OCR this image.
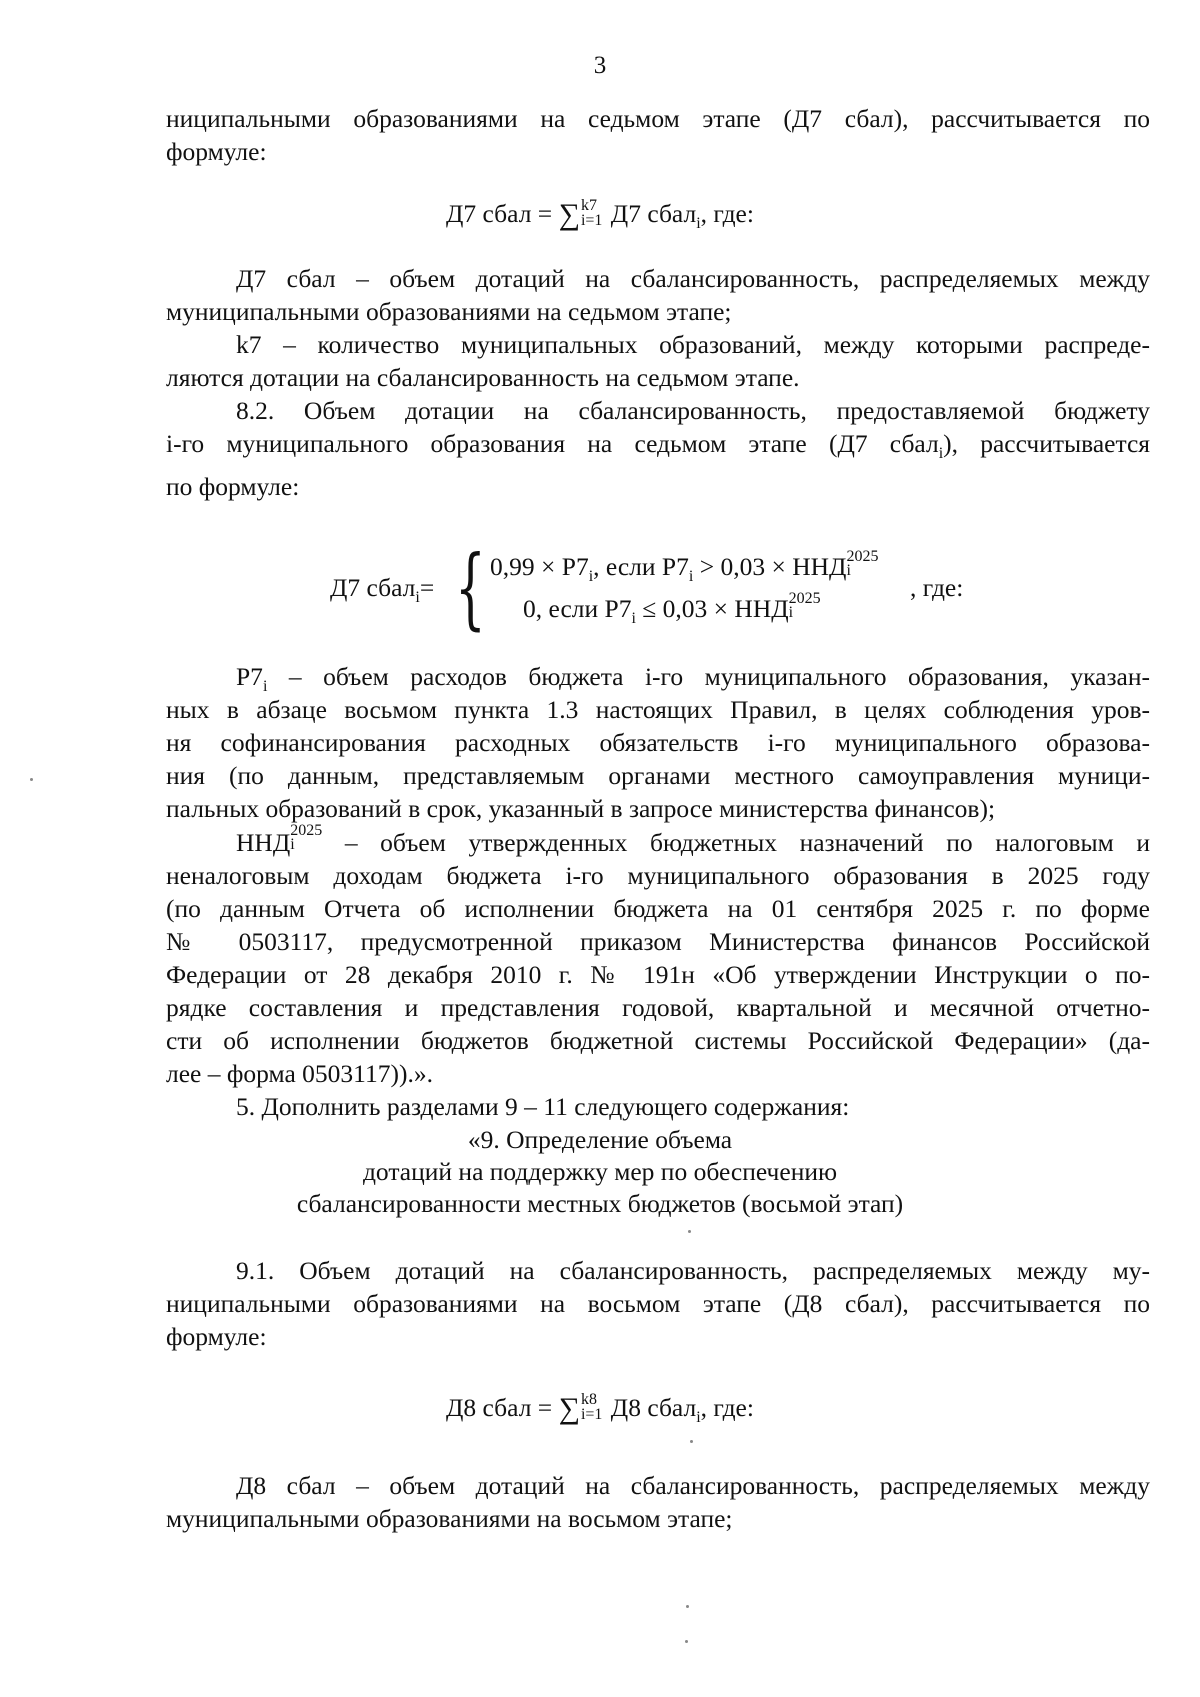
3
ниципальными образованиями на седьмом этапе (Д7 сбал), рассчитывается по
формуле:
Д7 сбал = ∑ k7
i=1 Д7 сбал$_i$, где:
Д7 сбал – объем дотаций на сбалансированность, распределяемых между
муниципальными образованиями на седьмом этапе;
k7 – количество муниципальных образований, между которыми распреде-
ляются дотации на сбалансированность на седьмом этапе.
8.2. Объем дотации на сбалансированность, предоставляемой бюджету
i-го муниципального образования на седьмом этапе (Д7 сбал$_i$), рассчитывается
по формуле:
Д7 сбал$_i$= { $0,99 \times Р7_i$, если $Р7_i > 0,03$ × ННД 2025
i
0, если $Р7_i \le 0,03$ × ННД 2025
i
, где:
$Р7_i$ – объем расходов бюджета i-го муниципального образования, указан-
ных в абзаце восьмом пункта 1.3 настоящих Правил, в целях соблюдения уров-
ня софинансирования расходных обязательств i-го муниципального образова-
ния (по данным, представляемым органами местного самоуправления муници-
пальных образований в срок, указанный в запросе министерства финансов);
ННД 2025
i	– объем утвержденных бюджетных назначений по налоговым и
неналоговым доходам бюджета i-го муниципального образования в 2025 году
(по данным Отчета об исполнении бюджета на 01 сентября 2025 г. по форме
№ 0503117, предусмотренной приказом Министерства финансов Российской
Федерации от 28 декабря 2010 г. № 191н «Об утверждении Инструкции о по-
рядке составления и представления годовой, квартальной и месячной отчетно-
сти об исполнении бюджетов бюджетной системы Российской Федерации» (да-
лее – форма 0503117)).».
5. Дополнить разделами 9 – 11 следующего содержания:
«9. Определение объема
дотаций на поддержку мер по обеспечению
сбалансированности местных бюджетов (восьмой этап)
9.1. Объем дотаций на сбалансированность, распределяемых между му-
ниципальными образованиями на восьмом этапе (Д8 сбал), рассчитывается по
формуле:
Д8 сбал = ∑ k8
i=1 Д8 сбал$_i$, где:
Д8 сбал – объем дотаций на сбалансированность, распределяемых между
муниципальными образованиями на восьмом этапе;
